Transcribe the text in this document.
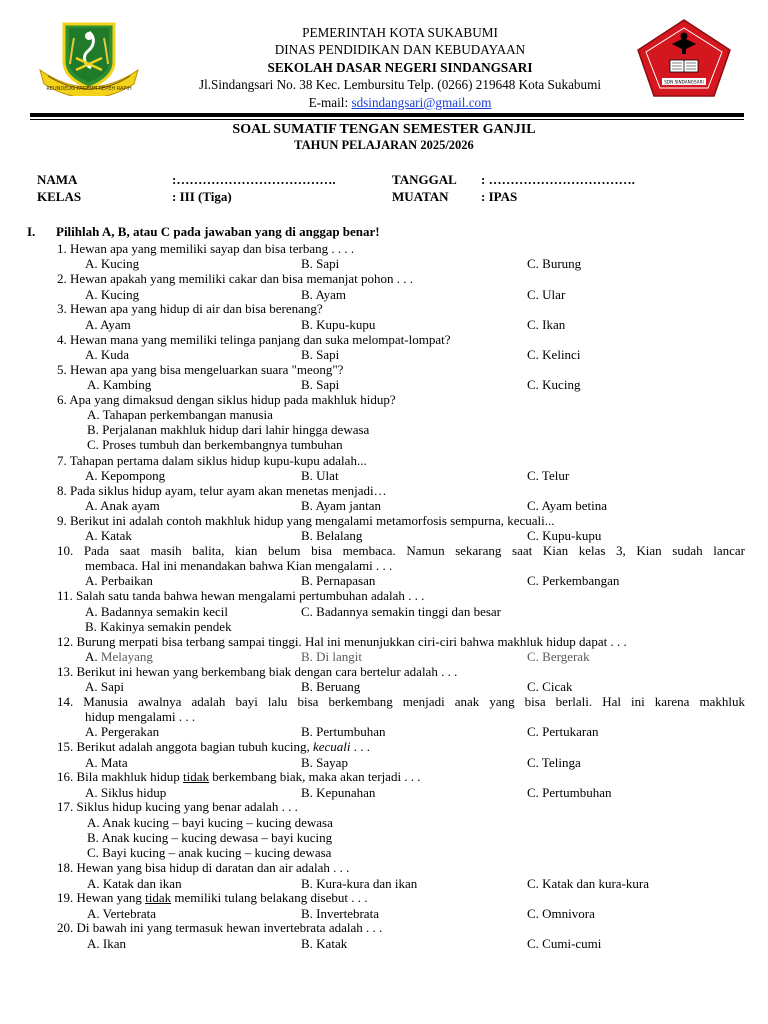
REUNDEUG PAGEUH REPEH RAPIH
SDN SINDANGSARI
PEMERINTAH KOTA SUKABUMI
DINAS PENDIDIKAN DAN KEBUDAYAAN
SEKOLAH DASAR NEGERI SINDANGSARI
Jl.Sindangsari No. 38 Kec. Lembursitu Telp. (0266) 219648 Kota Sukabumi
E-mail: sdsindangsari@gmail.com
SOAL SUMATIF TENGAN SEMESTER GANJIL
TAHUN PELAJARAN 2025/2026
NAMA	:……………………………….	TANGGAL : …………………………….
KELAS	: III (Tiga)	MUATAN : IPAS
I. Pilihlah A, B, atau C pada jawaban yang di anggap benar!
1. Hewan apa yang memiliki sayap dan bisa terbang . . . .
A. Kucing	B. Sapi	C. Burung
2. Hewan apakah yang memiliki cakar dan bisa memanjat pohon . . .
A. Kucing	B. Ayam	C. Ular
3. Hewan apa yang hidup di air dan bisa berenang?
A. Ayam	B. Kupu-kupu	C. Ikan
4. Hewan mana yang memiliki telinga panjang dan suka melompat-lompat?
A. Kuda	B. Sapi	C. Kelinci
5. Hewan apa yang bisa mengeluarkan suara "meong"?
A. Kambing	B. Sapi	C. Kucing
6. Apa yang dimaksud dengan siklus hidup pada makhluk hidup?
A. Tahapan perkembangan manusia
B. Perjalanan makhluk hidup dari lahir hingga dewasa
C. Proses tumbuh dan berkembangnya tumbuhan
7. Tahapan pertama dalam siklus hidup kupu-kupu adalah...
A. Kepompong	B. Ulat	C. Telur
8. Pada siklus hidup ayam, telur ayam akan menetas menjadi…
A. Anak ayam	B. Ayam jantan	C. Ayam betina
9. Berikut ini adalah contoh makhluk hidup yang mengalami metamorfosis sempurna, kecuali...
A. Katak	B. Belalang	C. Kupu-kupu
10. Pada saat masih balita, kian belum bisa membaca. Namun sekarang saat Kian kelas 3, Kian sudah lancar
membaca. Hal ini menandakan bahwa Kian mengalami . . .
A. Perbaikan	B. Pernapasan	C. Perkembangan
11. Salah satu tanda bahwa hewan mengalami pertumbuhan adalah . . .
A. Badannya semakin kecil	C. Badannya semakin tinggi dan besar
B. Kakinya semakin pendek
12. Burung merpati bisa terbang sampai tinggi. Hal ini menunjukkan ciri-ciri bahwa makhluk hidup dapat . . .
A. Melayang	B. Di langit	C. Bergerak
13. Berikut ini hewan yang berkembang biak dengan cara bertelur adalah . . .
A. Sapi	B. Beruang	C. Cicak
14. Manusia awalnya adalah bayi lalu bisa berkembang menjadi anak yang bisa berlali. Hal ini karena makhluk
hidup mengalami . . .
A. Pergerakan	B. Pertumbuhan	C. Pertukaran
15. Berikut adalah anggota bagian tubuh kucing, kecuali . . .
A. Mata	B. Sayap	C. Telinga
16. Bila makhluk hidup tidak berkembang biak, maka akan terjadi . . .
A. Siklus hidup	B. Kepunahan	C. Pertumbuhan
17. Siklus hidup kucing yang benar adalah . . .
A. Anak kucing – bayi kucing – kucing dewasa
B. Anak kucing – kucing dewasa – bayi kucing
C. Bayi kucing – anak kucing – kucing dewasa
18. Hewan yang bisa hidup di daratan dan air adalah . . .
A. Katak dan ikan	B. Kura-kura dan ikan	C. Katak dan kura-kura
19. Hewan yang tidak memiliki tulang belakang disebut . . .
A. Vertebrata	B. Invertebrata	C. Omnivora
20. Di bawah ini yang termasuk hewan invertebrata adalah . . .
A. Ikan	B. Katak	C. Cumi-cumi
